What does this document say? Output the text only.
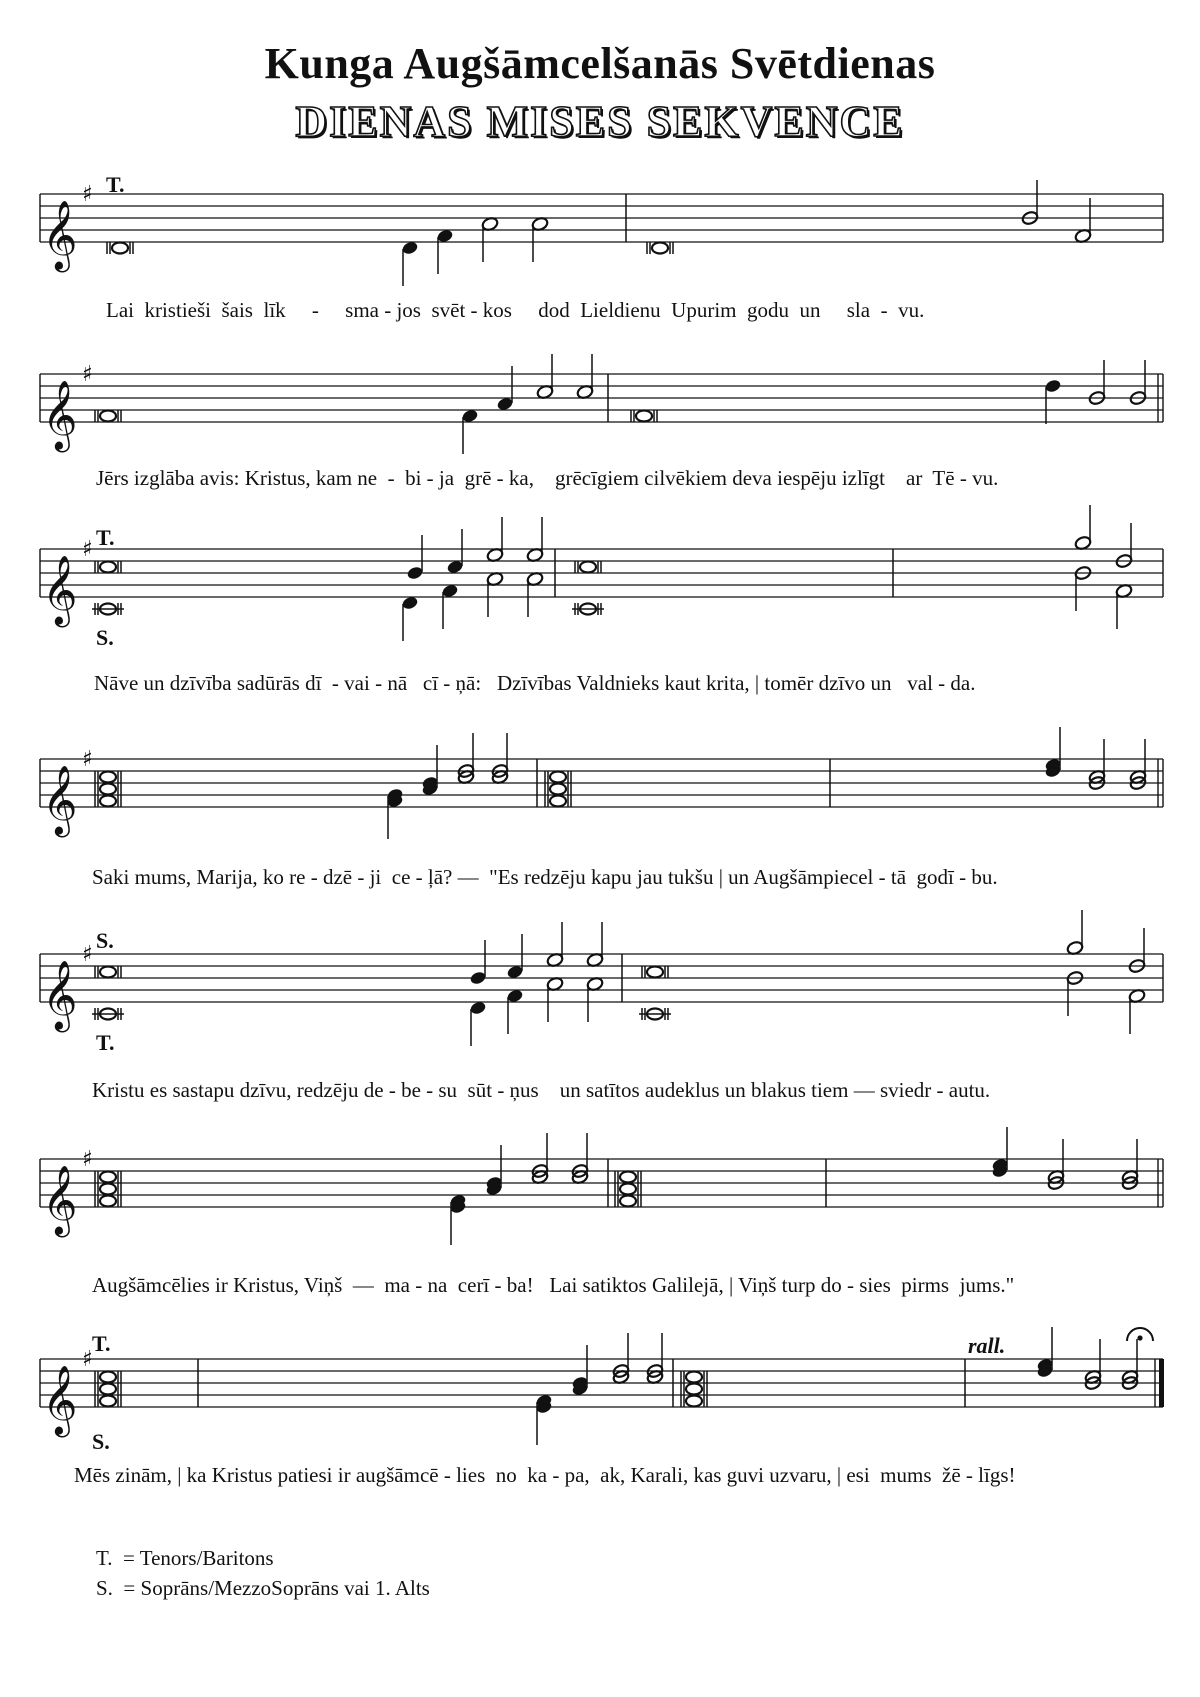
Kunga Augšāmcelšanās Svētdienas
DIENAS MISES SEKVENCE
T.
𝄞
♯
Lai  kristieši  šais  līk     -     sma - jos  svēt - kos     dod  Lieldienu  Upurim  godu  un     sla  -  vu.
𝄞
♯
Jērs izglāba avis: Kristus, kam ne  -  bi - ja  grē - ka,    grēcīgiem cilvēkiem deva iespēju izlīgt    ar  Tē - vu.
T.
S.
𝄞
♯
Nāve un dzīvība sadūrās dī  - vai - nā   cī - ņā:   Dzīvības Valdnieks kaut krita, | tomēr dzīvo un   val - da.
𝄞
♯
Saki mums, Marija, ko re - dzē - ji  ce - ļā? —  "Es redzēju kapu jau tukšu | un Augšāmpiecel - tā  godī - bu.
S.
T.
𝄞
♯
Kristu es sastapu dzīvu, redzēju de - be - su  sūt - ņus    un satītos audeklus un blakus tiem — sviedr - autu.
𝄞
♯
Augšāmcēlies ir Kristus, Viņš  —  ma - na  cerī - ba!   Lai satiktos Galilejā, | Viņš turp do - sies  pirms  jums."
T.
S.
rall.
𝄞
♯
Mēs zinām, | ka Kristus patiesi ir augšāmcē - lies  no  ka - pa,  ak, Karali, kas guvi uzvaru, | esi  mums  žē - līgs!
T.  = Tenors/Baritons
S.  = Soprāns/MezzoSoprāns vai 1. Alts
